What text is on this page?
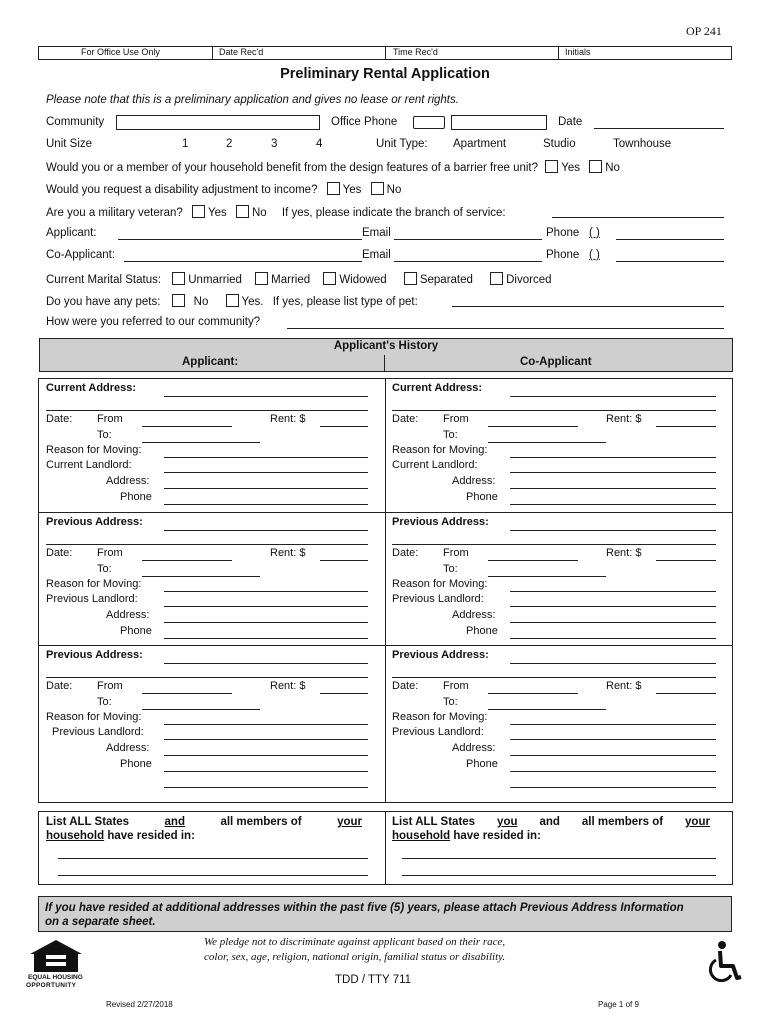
OP 241
For Office Use Only	Date Rec'd	Time Rec'd	Initials
Preliminary Rental Application
Please note that this is a preliminary application and gives no lease or rent rights.
Community	Office Phone	Date
Unit Size	1	2	3	4	Unit Type: Apartment	Studio	Townhouse
Would you or a member of your household benefit from the design features of a barrier free unit? Yes No
Would you request a disability adjustment to income? Yes No
Are you a military veteran? Yes No If yes, please indicate the branch of service:
Applicant:	Email	Phone ( )
Co-Applicant:	Email	Phone ( )
Current Marital Status: Unmarried	Married	Widowed	Separated	Divorced
Do you have any pets:	No	Yes. If yes, please list type of pet:
How were you referred to our community?
Applicant's History
Applicant:	Co-Applicant
Current Address:
Date: From	Rent: $
To:
Reason for Moving:
Current Landlord:
Address:
Phone
Current Address:
Date: From	Rent: $
To:
Reason for Moving:
Current Landlord:
Address:
Phone
Previous Address:
Date: From	Rent: $
To:
Reason for Moving:
Previous Landlord:
Address:
Phone
Previous Address:
Date: From	Rent: $
To:
Reason for Moving:
Previous Landlord:
Address:
Phone
Previous Address:
Date: From	Rent: $
To:
Reason for Moving:
Previous Landlord:
Address:
Phone
Previous Address:
Date: From	Rent: $
To:
Reason for Moving:
Previous Landlord:
Address:
Phone
List ALL States	and	all members of	your
household have resided in:
List ALL States you and all members of your
household have resided in:
If you have resided at additional addresses within the past five (5) years, please attach Previous Address Information on a separate sheet.
EQUAL HOUSING
OPPORTUNITY
We pledge not to discriminate against applicant based on their race,
color, sex, age, religion, national origin, familial status or disability.
TDD / TTY 711
Revised 2/27/2018	Page 1 of 9
